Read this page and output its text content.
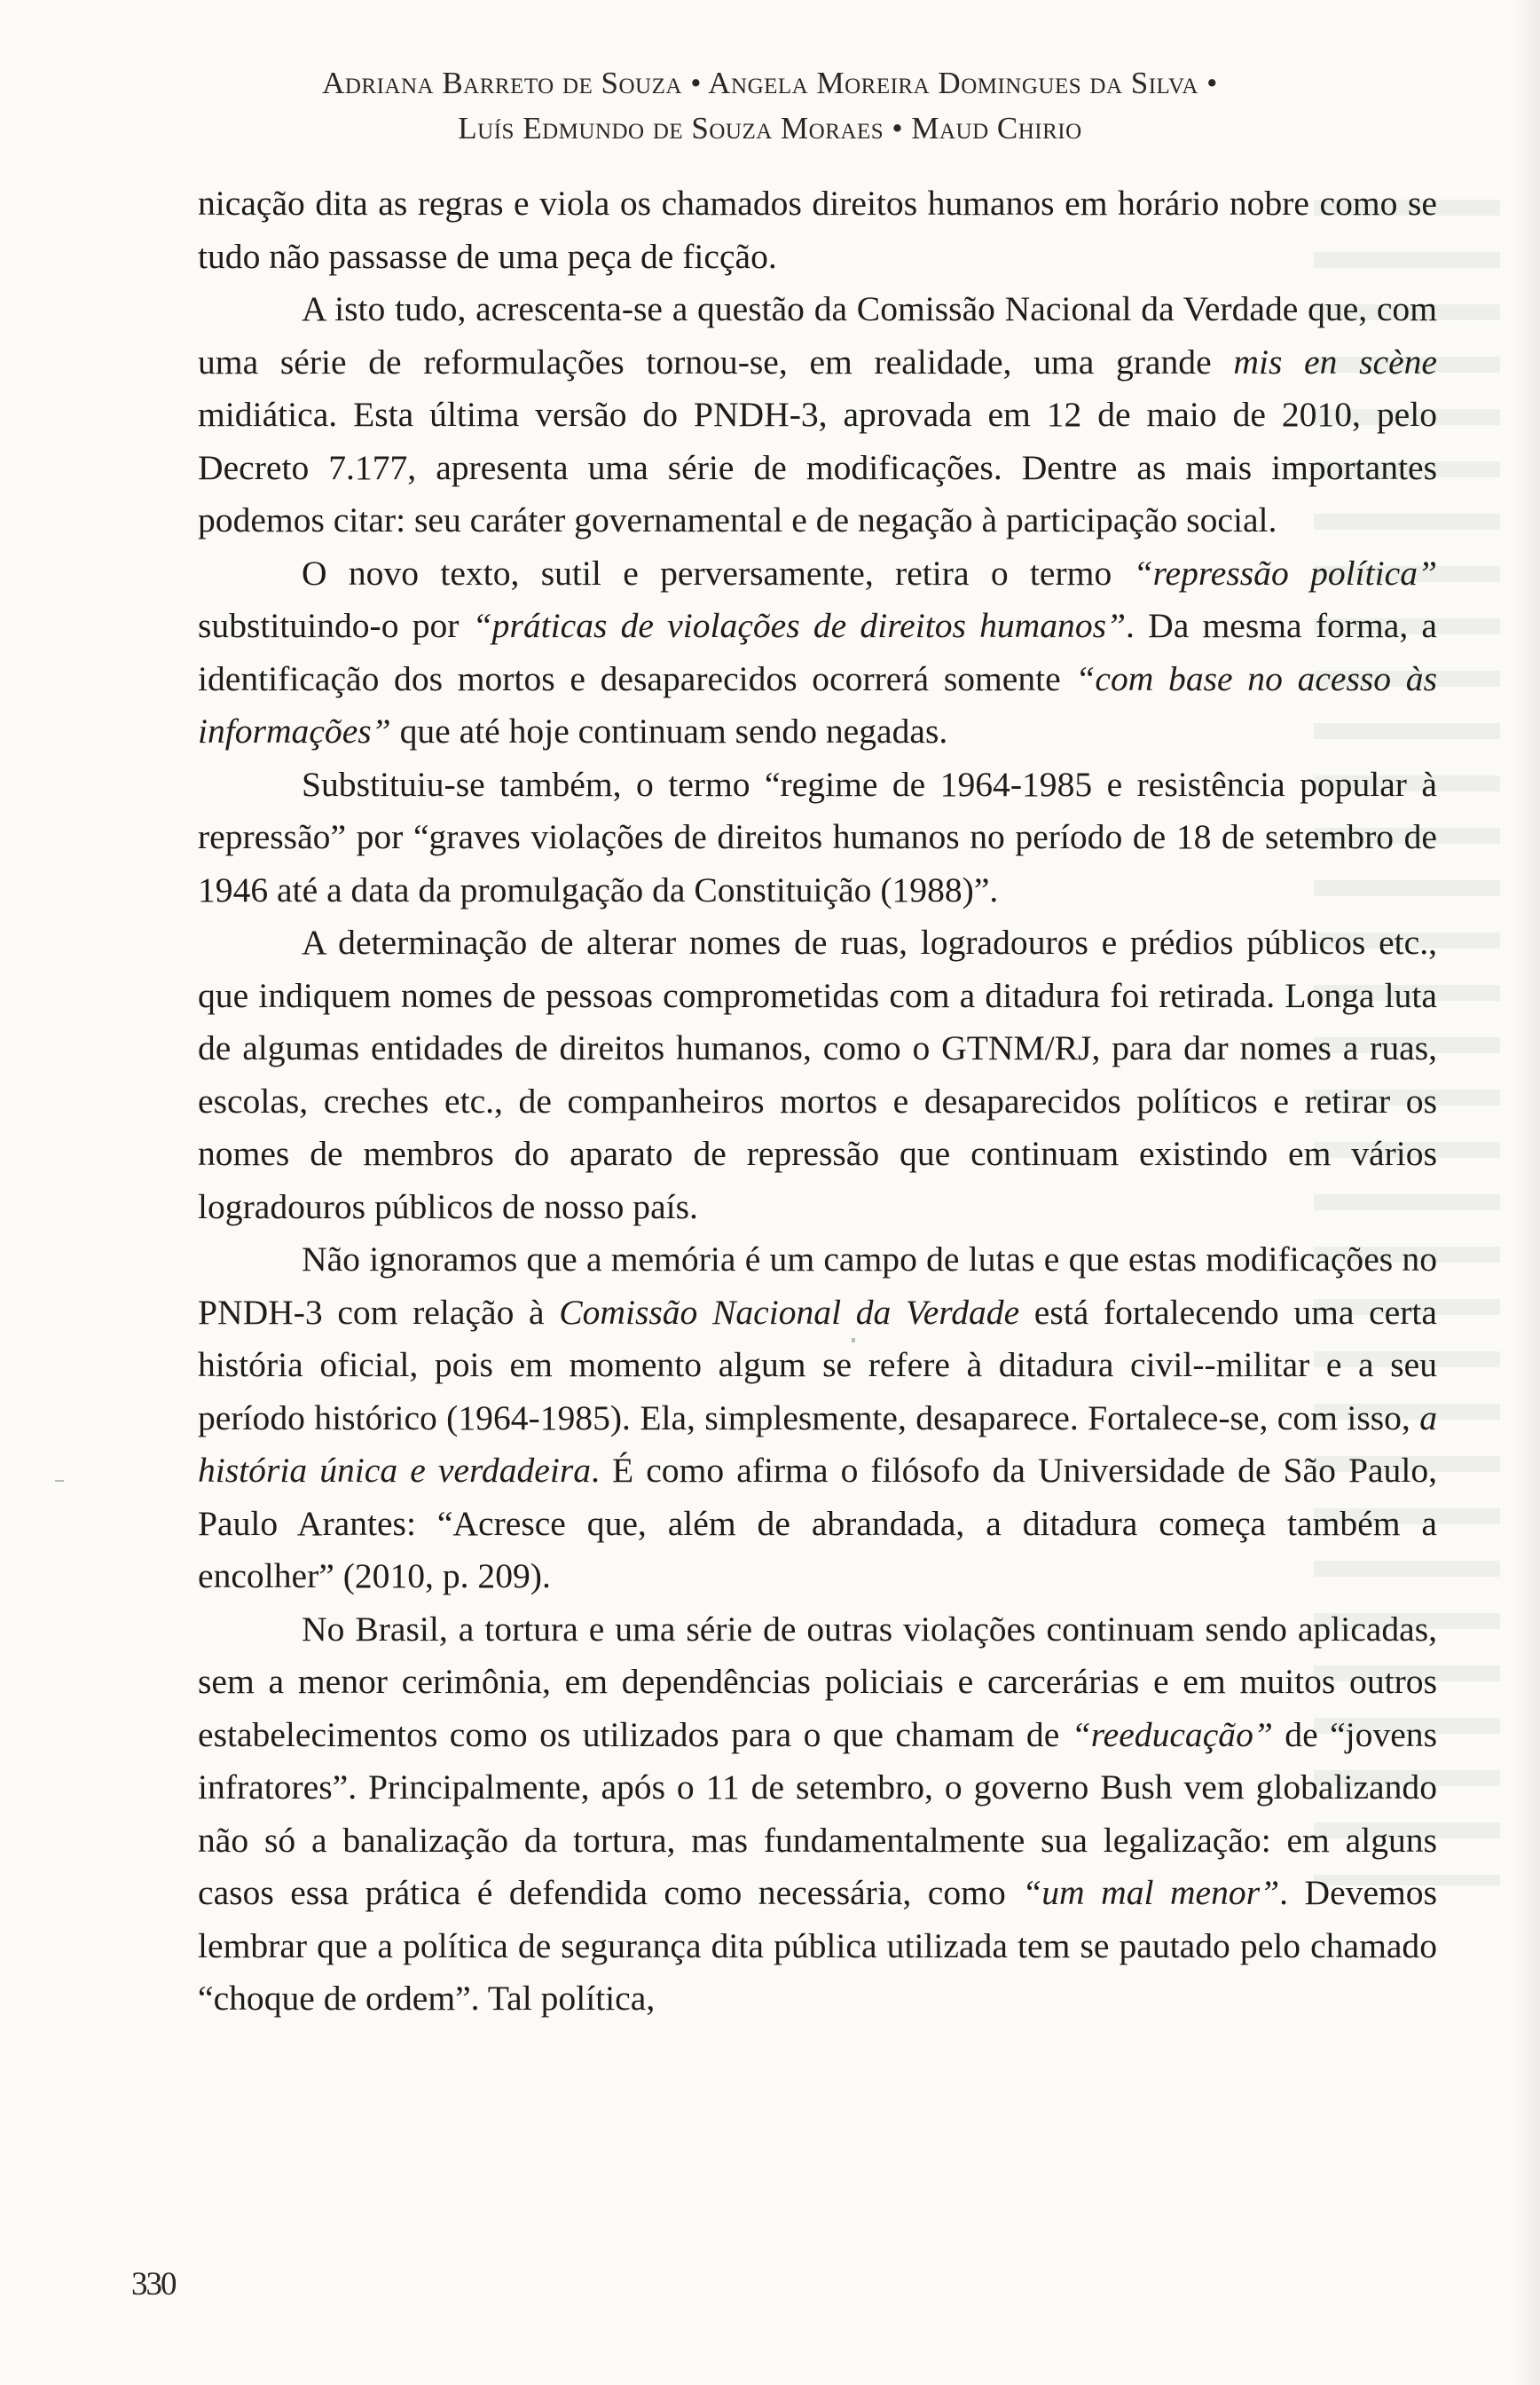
Adriana Barreto de Souza • Angela Moreira Domingues da Silva •
Luís Edmundo de Souza Moraes • Maud Chirio

nicação dita as regras e viola os chamados direitos humanos em horário nobre como se tudo não passasse de uma peça de ficção.

A isto tudo, acrescenta-se a questão da Comissão Nacional da Verdade que, com uma série de reformulações tornou-se, em realidade, uma grande mis en scène midiática. Esta última versão do PNDH-3, aprovada em 12 de maio de 2010, pelo Decreto 7.177, apresenta uma série de modificações. Dentre as mais importantes podemos citar: seu caráter governamental e de negação à participação social.

O novo texto, sutil e perversamente, retira o termo “repressão política” substituindo-o por “práticas de violações de direitos humanos”. Da mesma forma, a identificação dos mortos e desaparecidos ocorrerá somente “com base no acesso às informações” que até hoje continuam sendo negadas.

Substituiu-se também, o termo “regime de 1964-1985 e resistência popular à repressão” por “graves violações de direitos humanos no período de 18 de setembro de 1946 até a data da promulgação da Constituição (1988)”.

A determinação de alterar nomes de ruas, logradouros e prédios públicos etc., que indiquem nomes de pessoas comprometidas com a ditadura foi retirada. Longa luta de algumas entidades de direitos humanos, como o GTNM/RJ, para dar nomes a ruas, escolas, creches etc., de companheiros mortos e desaparecidos políticos e retirar os nomes de membros do aparato de repressão que continuam existindo em vários logradouros públicos de nosso país.

Não ignoramos que a memória é um campo de lutas e que estas modificações no PNDH-3 com relação à Comissão Nacional da Verdade está fortalecendo uma certa história oficial, pois em momento algum se refere à ditadura civil-​-militar e a seu período histórico (1964-1985). Ela, simplesmente, desaparece. Fortalece-se, com isso, a história única e verdadeira. É como afirma o filósofo da Universidade de São Paulo, Paulo Arantes: “Acresce que, além de abrandada, a ditadura começa também a encolher” (2010, p. 209).

No Brasil, a tortura e uma série de outras violações continuam sendo aplicadas, sem a menor cerimônia, em dependências policiais e carcerárias e em muitos outros estabelecimentos como os utilizados para o que chamam de “reeducação” de “jovens infratores”. Principalmente, após o 11 de setembro, o governo Bush vem globalizando não só a banalização da tortura, mas fundamentalmente sua legalização: em alguns casos essa prática é defendida como necessária, como “um mal menor”. Devemos lembrar que a política de segurança dita pública utilizada tem se pautado pelo chamado “choque de ordem”. Tal política,

330
